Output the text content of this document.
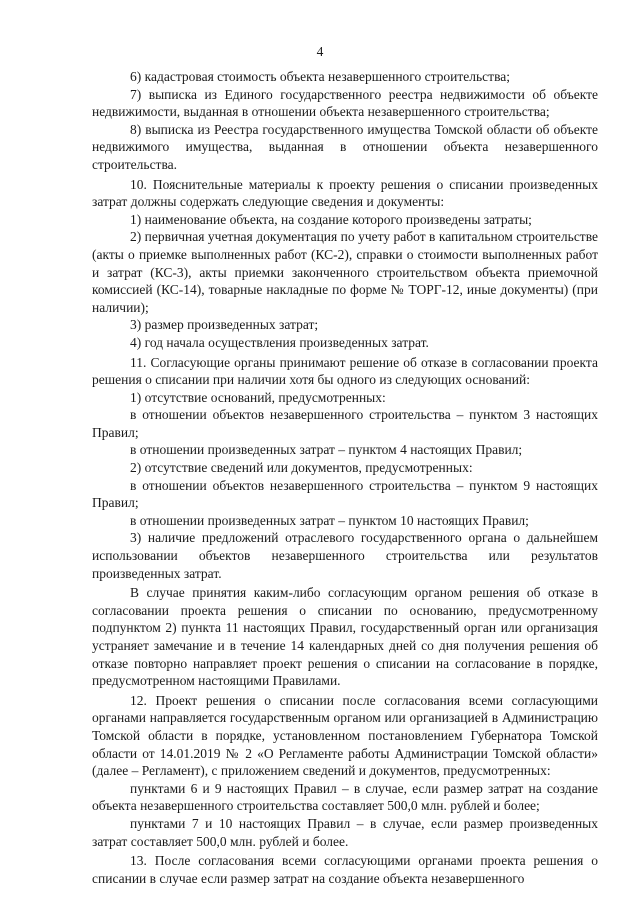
4

6) кадастровая стоимость объекта незавершенного строительства;

7) выписка из Единого государственного реестра недвижимости об объекте недвижимости, выданная в отношении объекта незавершенного строительства;

8) выписка из Реестра государственного имущества Томской области об объекте недвижимого имущества, выданная в отношении объекта незавершенного строительства.

10. Пояснительные материалы к проекту решения о списании произведенных затрат должны содержать следующие сведения и документы:

1) наименование объекта, на создание которого произведены затраты;

2) первичная учетная документация по учету работ в капитальном строительстве (акты о приемке выполненных работ (КС-2), справки о стоимости выполненных работ и затрат (КС-3), акты приемки законченного строительством объекта приемочной комиссией (КС-14), товарные накладные по форме № ТОРГ-12, иные документы) (при наличии);

3) размер произведенных затрат;

4) год начала осуществления произведенных затрат.

11. Согласующие органы принимают решение об отказе в согласовании проекта решения о списании при наличии хотя бы одного из следующих оснований:

1) отсутствие оснований, предусмотренных:

в отношении объектов незавершенного строительства – пунктом 3 настоящих Правил;

в отношении произведенных затрат – пунктом 4 настоящих Правил;

2) отсутствие сведений или документов, предусмотренных:

в отношении объектов незавершенного строительства – пунктом 9 настоящих Правил;

в отношении произведенных затрат – пунктом 10 настоящих Правил;

3) наличие предложений отраслевого государственного органа о дальнейшем использовании объектов незавершенного строительства или результатов произведенных затрат.

В случае принятия каким-либо согласующим органом решения об отказе в согласовании проекта решения о списании по основанию, предусмотренному подпунктом 2) пункта 11 настоящих Правил, государственный орган или организация устраняет замечание и в течение 14 календарных дней со дня получения решения об отказе повторно направляет проект решения о списании на согласование в порядке, предусмотренном настоящими Правилами.

12. Проект решения о списании после согласования всеми согласующими органами направляется государственным органом или организацией в Администрацию Томской области в порядке, установленном постановлением Губернатора Томской области от 14.01.2019 № 2 «О Регламенте работы Администрации Томской области» (далее – Регламент), с приложением сведений и документов, предусмотренных:

пунктами 6 и 9 настоящих Правил – в случае, если размер затрат на создание объекта незавершенного строительства составляет 500,0 млн. рублей и более;

пунктами 7 и 10 настоящих Правил – в случае, если размер произведенных затрат составляет 500,0 млн. рублей и более.

13. После согласования всеми согласующими органами проекта решения о списании в случае если размер затрат на создание объекта незавершенного
